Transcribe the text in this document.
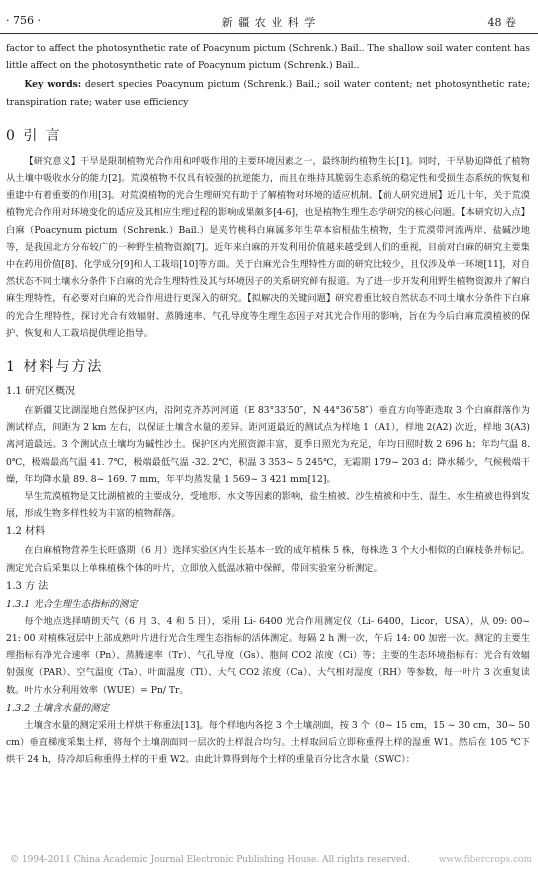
· 756 ·	新 疆 农 业 科 学	48 卷

factor to affect the photosynthetic rate of Poacynum pictum (Schrenk.) Bail.. The shallow soil water content has little affect on the photosynthetic rate of Poacynum pictum (Schrenk.) Bail..

Key words: desert species Poacynum pictum (Schrenk.) Bail.; soil water content; net photosynthetic rate; transpiration rate; water use efficiency

0 引 言

【研究意义】干旱是限制植物光合作用和呼吸作用的主要环境因素之一，最终制约植物生长[1]。同时，干旱胁迫降低了植物从土壤中吸收水分的能力[2]。荒漠植物不仅具有较强的抗逆能力，而且在维持其脆弱生态系统的稳定性和受损生态系统的恢复和重建中有着重要的作用[3]。对荒漠植物的光合生理研究有助于了解植物对环境的适应机制。【前人研究进展】近几十年，关于荒漠植物光合作用对环境变化的适应及其相应生理过程的影响成果颇多[4-6]，也是植物生理生态学研究的核心问题。【本研究切入点】白麻（Poacynum pictum（Schrenk.）Bail.）是夹竹桃科白麻属多年生草本宿根盐生植物，生于荒漠带河流两岸、盐碱沙地等，是我国北方分布较广的一种野生植物资源[7]。近年来白麻的开发利用价值越来越受到人们的重视，目前对白麻的研究主要集中在药用价值[8]、化学成分[9]和人工栽培[10]等方面。关于白麻光合生理特性方面的研究比较少，且仅涉及单一环境[11]，对自然状态不同土壤水分条件下白麻的光合生理特性及其与环境因子的关系研究鲜有报道。为了进一步开发利用野生植物资源并了解白麻生理特性，有必要对白麻的光合作用进行更深入的研究。【拟解决的关键问题】研究着重比较自然状态不同土壤水分条件下白麻的光合生理特性，探讨光合有效辐射、蒸腾速率、气孔导度等生理生态因子对其光合作用的影响，旨在为今后白麻荒漠植被的保护、恢复和人工栽培提供理论指导。

1 材料与方法
1.1 研究区概况

在新疆艾比湖湿地自然保护区内，沿阿克齐苏河河道（E 83°33′50″，N 44°36′58″）垂直方向等距选取 3 个白麻群落作为测试样点，间距为 2 km 左右，以保证土壤含水量的差异。距河道最近的测试点为样地 1（A1），样地 2(A2) 次近，样地 3(A3) 离河道最远。3 个测试点土壤均为碱性沙土。保护区内光照资源丰富，夏季日照光为充足，年均日照时数 2 696 h；年均气温 8. 0℃，极端最高气温 41. 7℃，极端最低气温 -32. 2℃，积温 3 353~ 5 245℃，无霜期 179~ 203 d；降水稀少，气候极端干燥，年均降水量 89. 8~ 169. 7 mm，年平均蒸发量 1 569~ 3 421 mm[12]。

旱生荒漠植物是艾比湖植被的主要成分，受地形、水文等因素的影响，盐生植被、沙生植被和中生、湿生、水生植被也得到发展，形成生物多样性较为丰富的植物群落。

1.2 材料

在白麻植物营养生长旺盛期（6 月）选择实验区内生长基本一致的成年植株 5 株，每株选 3 个大小相似的白麻枝条并标记。测定光合后采集以上单株植株个体的叶片，立即放入低温冰箱中保鲜，带回实验室分析测定。

1.3 方 法
1.3.1 光合生理生态指标的测定

每个地点选择晴朗天气（6 月 3、4 和 5 日），采用 Li- 6400 光合作用测定仪（Li- 6400，Licor，USA），从 09: 00~ 21: 00 对植株冠层中上部成熟叶片进行光合生理生态指标的活体测定。每隔 2 h 测一次，午后 14: 00 加密一次。测定的主要生理指标有净光合速率（Pn）、蒸腾速率（Tr）、气孔导度（Gs）、胞间 CO2 浓度（Ci）等；主要的生态环境指标有：光合有效辐射强度（PAR）、空气温度（Ta）、叶面温度（Tl）、大气 CO2 浓度（Ca）、大气相对湿度（RH）等参数，每一叶片 3 次重复读数。叶片水分利用效率（WUE）= Pn/ Tr。

1.3.2 土壤含水量的测定

土壤含水量的测定采用土样烘干称重法[13]。每个样地内各挖 3 个土壤剖面，按 3 个（0~ 15 cm，15 ~ 30 cm，30~ 50 cm）垂直梯度采集土样，将每个土壤剖面同一层次的土样混合均匀。土样取回后立即称重得土样的湿重 W1。然后在 105 ℃下烘干 24 h，待冷却后称重得土样的干重 W2。由此计算得到每个土样的重量百分比含水量（SWC）：

© 1994-2011 China Academic Journal Electronic Publishing House. All rights reserved.	www.fibercrops.com
